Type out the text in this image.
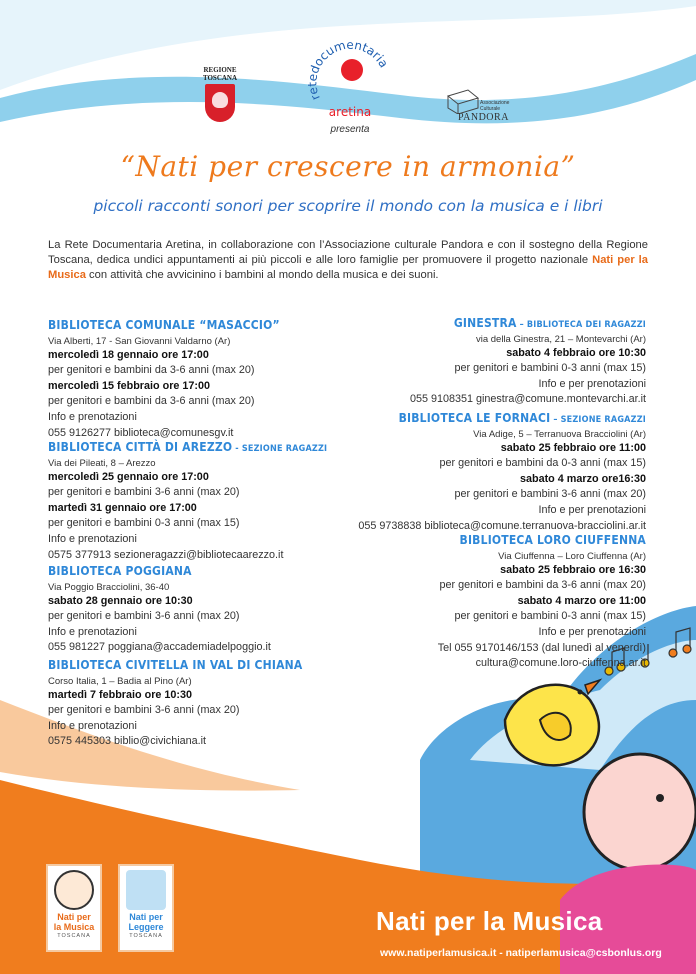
REGIONE TOSCANA
retedocumentaria
aretina
presenta
Associazione
Culturale
PANDORA
“Nati per crescere in armonia”
piccoli racconti sonori per scoprire il mondo con la musica e i libri
La Rete Documentaria Aretina, in collaborazione con l’Associazione culturale Pandora e con il sostegno della Regione Toscana, dedica undici appuntamenti ai più piccoli e alle loro famiglie per promuovere il progetto nazionale Nati per la Musica con attività che avvicinino i bambini al mondo della musica e dei suoni.
BIBLIOTECA COMUNALE “MASACCIO”
Via Alberti, 17 - San Giovanni Valdarno (Ar)
mercoledì 18 gennaio ore 17:00
per genitori e bambini da 3-6 anni (max 20)
mercoledì 15 febbraio ore 17:00
per genitori e bambini da 3-6 anni (max 20)
Info e prenotazioni
055 9126277 biblioteca@comunesgv.it
BIBLIOTECA CITTÀ DI AREZZO - SEZIONE RAGAZZI
Via dei Pileati, 8 – Arezzo
mercoledì 25 gennaio ore 17:00
per genitori e bambini 3-6 anni (max 20)
martedì 31 gennaio ore 17:00
per genitori e bambini 0-3 anni (max 15)
Info e prenotazioni
0575 377913 sezioneragazzi@bibliotecaarezzo.it
BIBLIOTECA POGGIANA
Via Poggio Bracciolini, 36-40
sabato 28 gennaio ore 10:30
per genitori e bambini 3-6 anni (max 20)
Info e prenotazioni
055 981227 poggiana@accademiadelpoggio.it
BIBLIOTECA CIVITELLA IN VAL DI CHIANA
Corso Italia, 1 – Badia al Pino (Ar)
martedì 7 febbraio ore 10:30
per genitori e bambini 3-6 anni (max 20)
Info e prenotazioni
0575 445303 biblio@civichiana.it
GINESTRA – BIBLIOTECA DEI RAGAZZI
via della Ginestra, 21 – Montevarchi (Ar)
sabato 4 febbraio ore 10:30
per genitori e bambini 0-3 anni (max 15)
Info e per prenotazioni
055 9108351 ginestra@comune.montevarchi.ar.it
BIBLIOTECA LE FORNACI – SEZIONE RAGAZZI
Via Adige, 5 – Terranuova Bracciolini (Ar)
sabato 25 febbraio ore 11:00
per genitori e bambini da 0-3 anni (max 15)
sabato 4 marzo ore16:30
per genitori e bambini 3-6 anni (max 20)
Info e per prenotazioni
055 9738838 biblioteca@comune.terranuova-bracciolini.ar.it
BIBLIOTECA LORO CIUFFENNA
Via Ciuffenna – Loro Ciuffenna (Ar)
sabato 25 febbraio ore 16:30
per genitori e bambini da 3-6 anni (max 20)
sabato 4 marzo ore 11:00
per genitori e bambini 0-3 anni (max 15)
Info e per prenotazioni
Tel 055 9170146/153 (dal lunedì al venerdì)
cultura@comune.loro-ciuffenna.ar.it
Nati per
la Musica
TOSCANA
Nati per
Leggere
TOSCANA	Nati per la Musica
www.natiperlamusica.it - natiperlamusica@csbonlus.org
